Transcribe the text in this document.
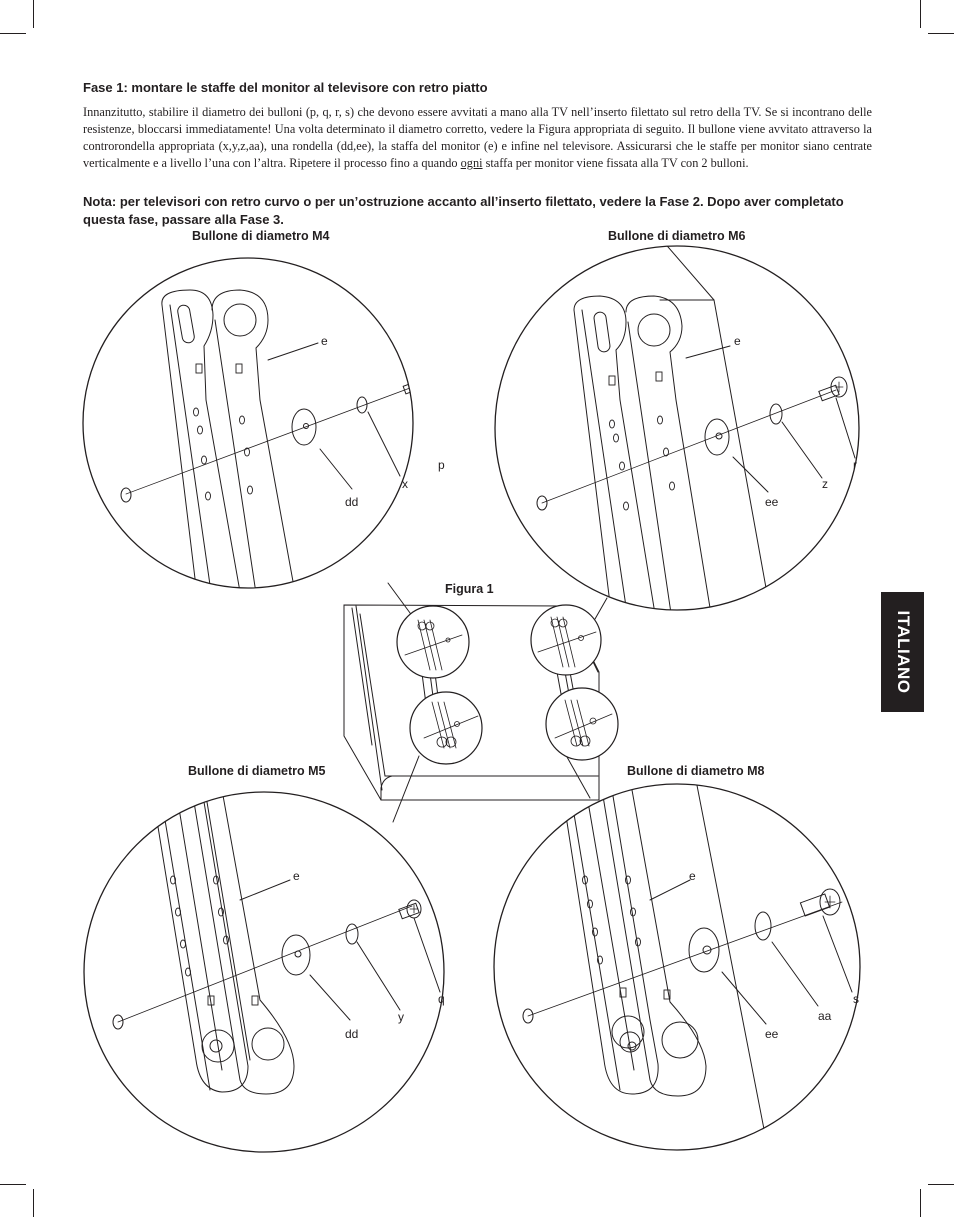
Fase 1: montare le staffe del monitor al televisore con retro piatto
Innanzitutto, stabilire il diametro dei bulloni (p, q, r, s) che devono essere avvitati a mano alla TV nell’inserto filettato sul retro della TV. Se si incontrano delle resistenze, bloccarsi immediatamente! Una volta determinato il diametro corretto, vedere la Figura appropriata di seguito. Il bullone viene avvitato attraverso la controrondella appropriata (x,y,z,aa), una rondella (dd,ee), la staffa del monitor (e) e infine nel televisore. Assicurarsi che le staffe per monitor siano centrate verticalmente e a livello l’una con l’altra. Ripetere il processo fino a quando ogni staffa per monitor viene fissata alla TV con 2 bulloni.
Nota: per televisori con retro curvo o per un’ostruzione accanto all’inserto filettato, vedere la Fase 2. Dopo aver completato questa fase, passare alla Fase 3.
Bullone di diametro M4	Bullone di diametro M6
Figura 1
Bullone di diametro M5	Bullone di diametro M8
e
dd
x
p
e
ee
z
r
e
dd
y
q
e
ee
aa
s
ITALIANO
